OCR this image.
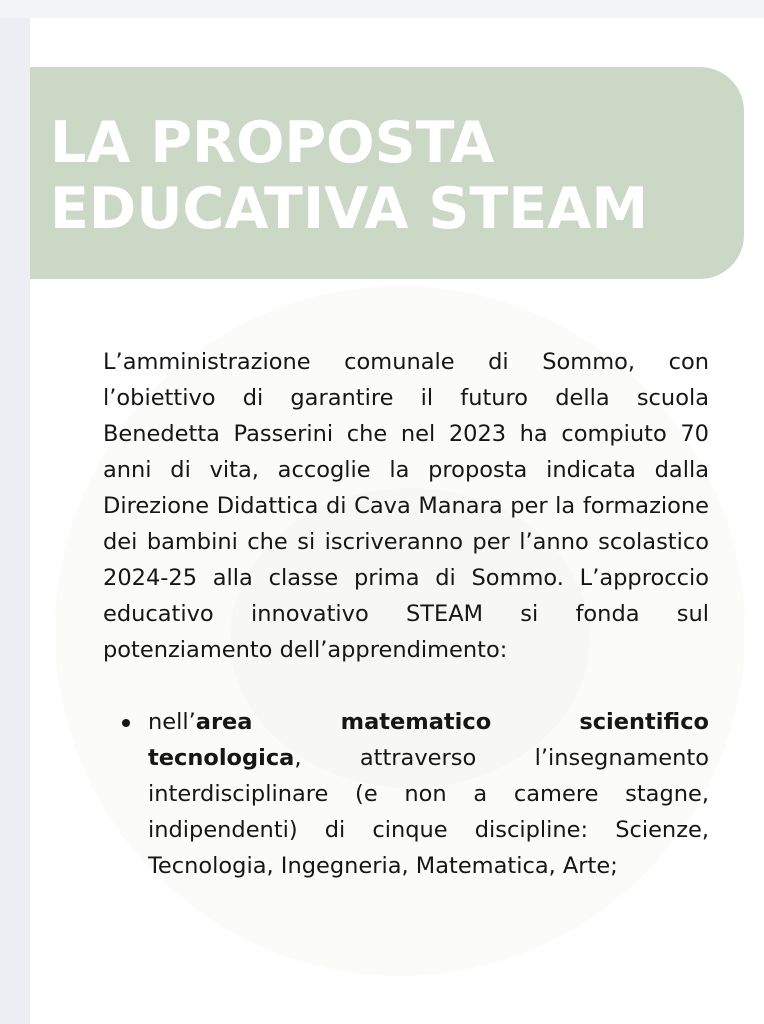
LA PROPOSTA
EDUCATIVA STEAM

L’amministrazione comunale di Sommo, con l’obiettivo di garantire il futuro della scuola Benedetta Passerini che nel 2023 ha compiuto 70 anni di vita, accoglie la proposta indicata dalla Direzione Didattica di Cava Manara per la formazione dei bambini che si iscriveranno per l’anno scolastico 2024-25 alla classe prima di Sommo. L’approccio educativo innovativo STEAM si fonda sul potenziamento dell’apprendimento:

nell’area matematico scientifico tecnologica, attraverso l’insegnamento interdisciplinare (e non a camere stagne, indipendenti) di cinque discipline: Scienze, Tecnologia, Ingegneria, Matematica, Arte;
